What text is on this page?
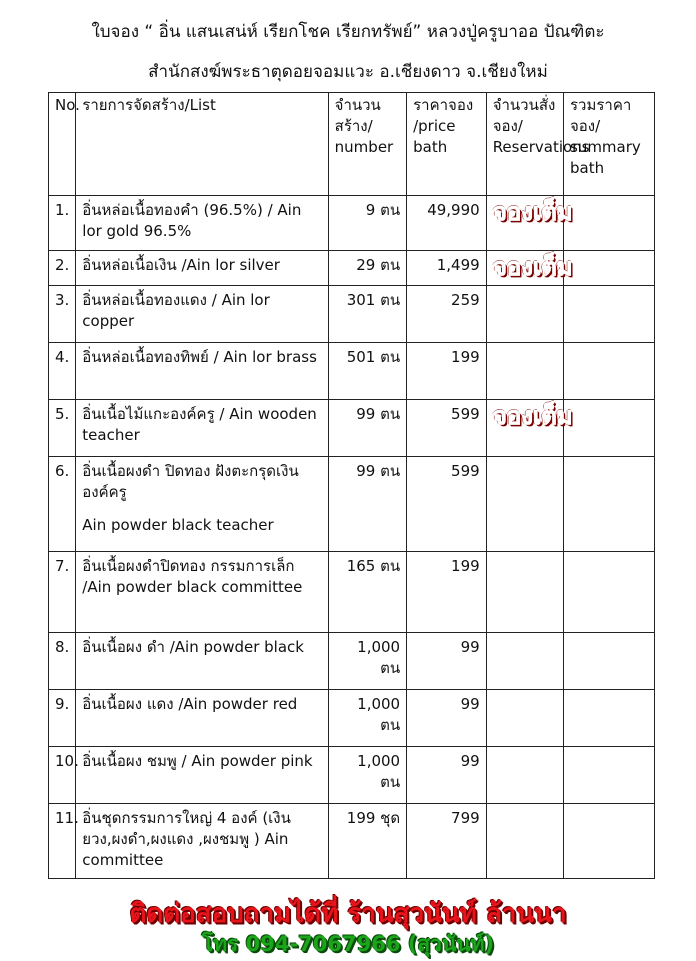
ใบจอง “ อิ่น แสนเสน่ห์ เรียกโชค เรียกทรัพย์” หลวงปู่ครูบาออ ปัณฑิตะ
สำนักสงฆ์พระธาตุดอยจอมแวะ อ.เชียงดาว จ.เชียงใหม่
No.	รายการจัดสร้าง/List	จำนวนสร้าง/ number	ราคาจอง /price bath	จำนวนสั่งจอง/ Reservations	รวมราคาจอง/ summary bath
1.	อิ่นหล่อเนื้อทองคำ (96.5%) / Ain lor gold 96.5%	9 ตน	49,990	จองเต็ม	

2.	อิ่นหล่อเนื้อเงิน /Ain lor silver	29 ตน	1,499	จองเต็ม	

3.	อิ่นหล่อเนื้อทองแดง / Ain lor copper	301 ตน	259		
4.	อิ่นหล่อเนื้อทองทิพย์ / Ain lor brass	501 ตน	199		
5.	อิ่นเนื้อไม้แกะองค์ครู / Ain wooden teacher	99 ตน	599	จองเต็ม	

6.	อิ่นเนื้อผงดำ ปิดทอง ฝังตะกรุดเงิน องค์ครู
Ain powder black teacher	99 ตน	599		
7.	อิ่นเนื้อผงดำปิดทอง กรรมการเล็ก /Ain powder black committee	165 ตน	199		
8.	อิ่นเนื้อผง ดำ /Ain powder black	1,000 ตน	99		
9.	อิ่นเนื้อผง แดง /Ain powder red	1,000 ตน	99		
10.	อิ่นเนื้อผง ชมพู / Ain powder pink	1,000 ตน	99		
11.	อิ่นชุดกรรมการใหญ่ 4 องค์ (เงินยวง,ผงดำ,ผงแดง ,ผงชมพู ) Ain committee	199 ชุด	799		
ติดต่อสอบถามได้ที่ ร้านสุวนันท์ ล้านนา
โทร 094-7067966 (สุวนันท์)
